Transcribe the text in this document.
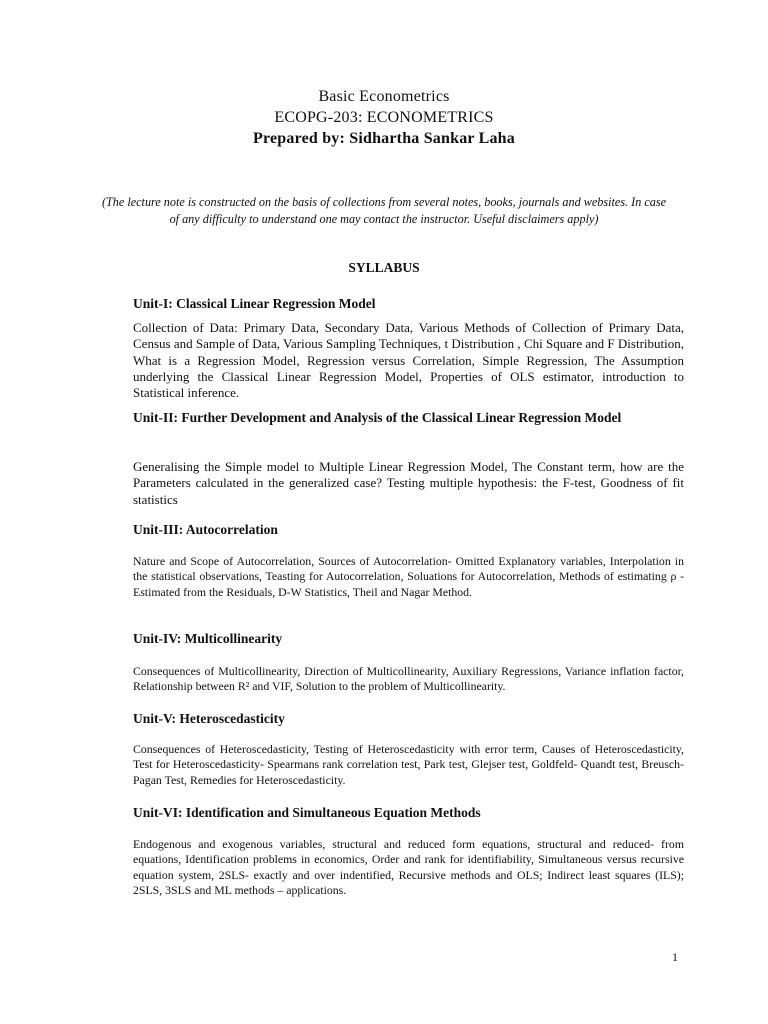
Basic Econometrics
ECOPG-203: ECONOMETRICS
Prepared by: Sidhartha Sankar Laha
(The lecture note is constructed on the basis of collections from several notes, books, journals and websites. In case of any difficulty to understand one may contact the instructor. Useful disclaimers apply)
SYLLABUS
Unit-I: Classical Linear Regression Model
Collection of Data: Primary Data, Secondary Data, Various Methods of Collection of Primary Data, Census and Sample of Data, Various Sampling Techniques, t Distribution , Chi Square and F Distribution, What is a Regression Model, Regression versus Correlation, Simple Regression, The Assumption underlying the Classical Linear Regression Model, Properties of OLS estimator, introduction to Statistical inference.
Unit-II: Further Development and Analysis of the Classical Linear Regression Model
Generalising the Simple model to Multiple Linear Regression Model, The Constant term, how are the Parameters calculated in the generalized case? Testing multiple hypothesis: the F-test, Goodness of fit statistics
Unit-III: Autocorrelation
Nature and Scope of Autocorrelation, Sources of Autocorrelation- Omitted Explanatory variables, Interpolation in the statistical observations, Teasting for Autocorrelation, Soluations for Autocorrelation, Methods of estimating ρ - Estimated from the Residuals, D-W Statistics, Theil and Nagar Method.
Unit-IV: Multicollinearity
Consequences of Multicollinearity, Direction of Multicollinearity, Auxiliary Regressions, Variance inflation factor, Relationship between R² and VIF, Solution to the problem of Multicollinearity.
Unit-V: Heteroscedasticity
Consequences of Heteroscedasticity, Testing of Heteroscedasticity with error term, Causes of Heteroscedasticity, Test for Heteroscedasticity- Spearmans rank correlation test, Park test, Glejser test, Goldfeld- Quandt test, Breusch- Pagan Test, Remedies for Heteroscedasticity.
Unit-VI: Identification and Simultaneous Equation Methods
Endogenous and exogenous variables, structural and reduced form equations, structural and reduced- from equations, Identification problems in economics, Order and rank for identifiability, Simultaneous versus recursive equation system, 2SLS- exactly and over indentified, Recursive methods and OLS; Indirect least squares (ILS); 2SLS, 3SLS and ML methods – applications.
1
